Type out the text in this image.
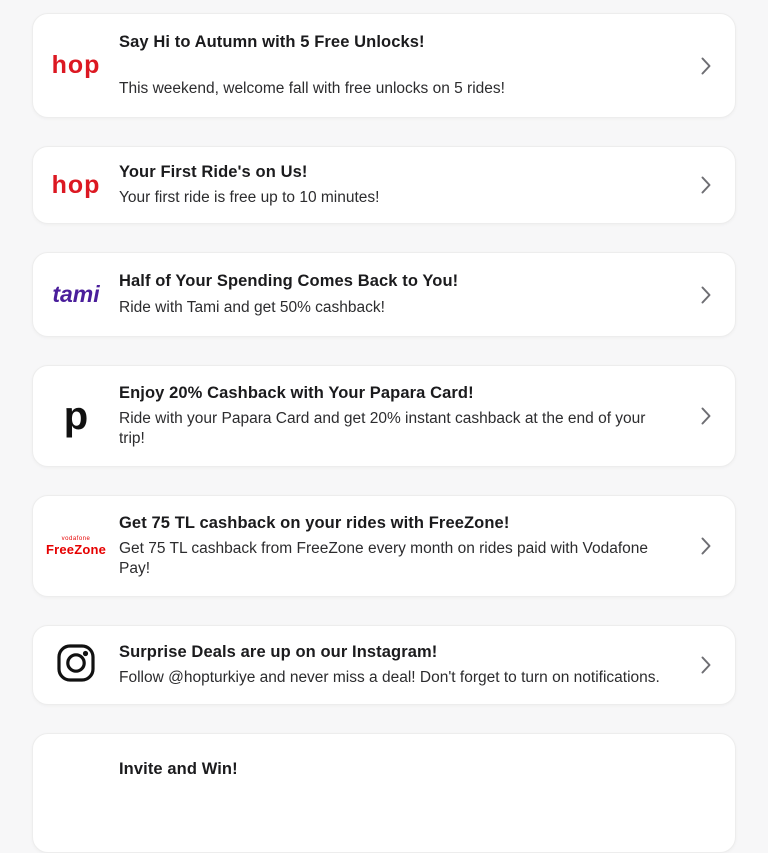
hop
Say Hi to Autumn with 5 Free Unlocks!
This weekend, welcome fall with free unlocks on 5 rides!
hop Your First Ride's on Us!
Your first ride is free up to 10 minutes!
tami Half of Your Spending Comes Back to You!
Ride with Tami and get 50% cashback!
p
Enjoy 20% Cashback with Your Papara Card!
Ride with your Papara Card and get 20% instant cashback at the end of your trip!
vodafone
FreeZone
Get 75 TL cashback on your rides with FreeZone!
Get 75 TL cashback from FreeZone every month on rides paid with Vodafone Pay!
Surprise Deals are up on our Instagram!
Follow @hopturkiye and never miss a deal! Don't forget to turn on notifications.
Invite and Win!
